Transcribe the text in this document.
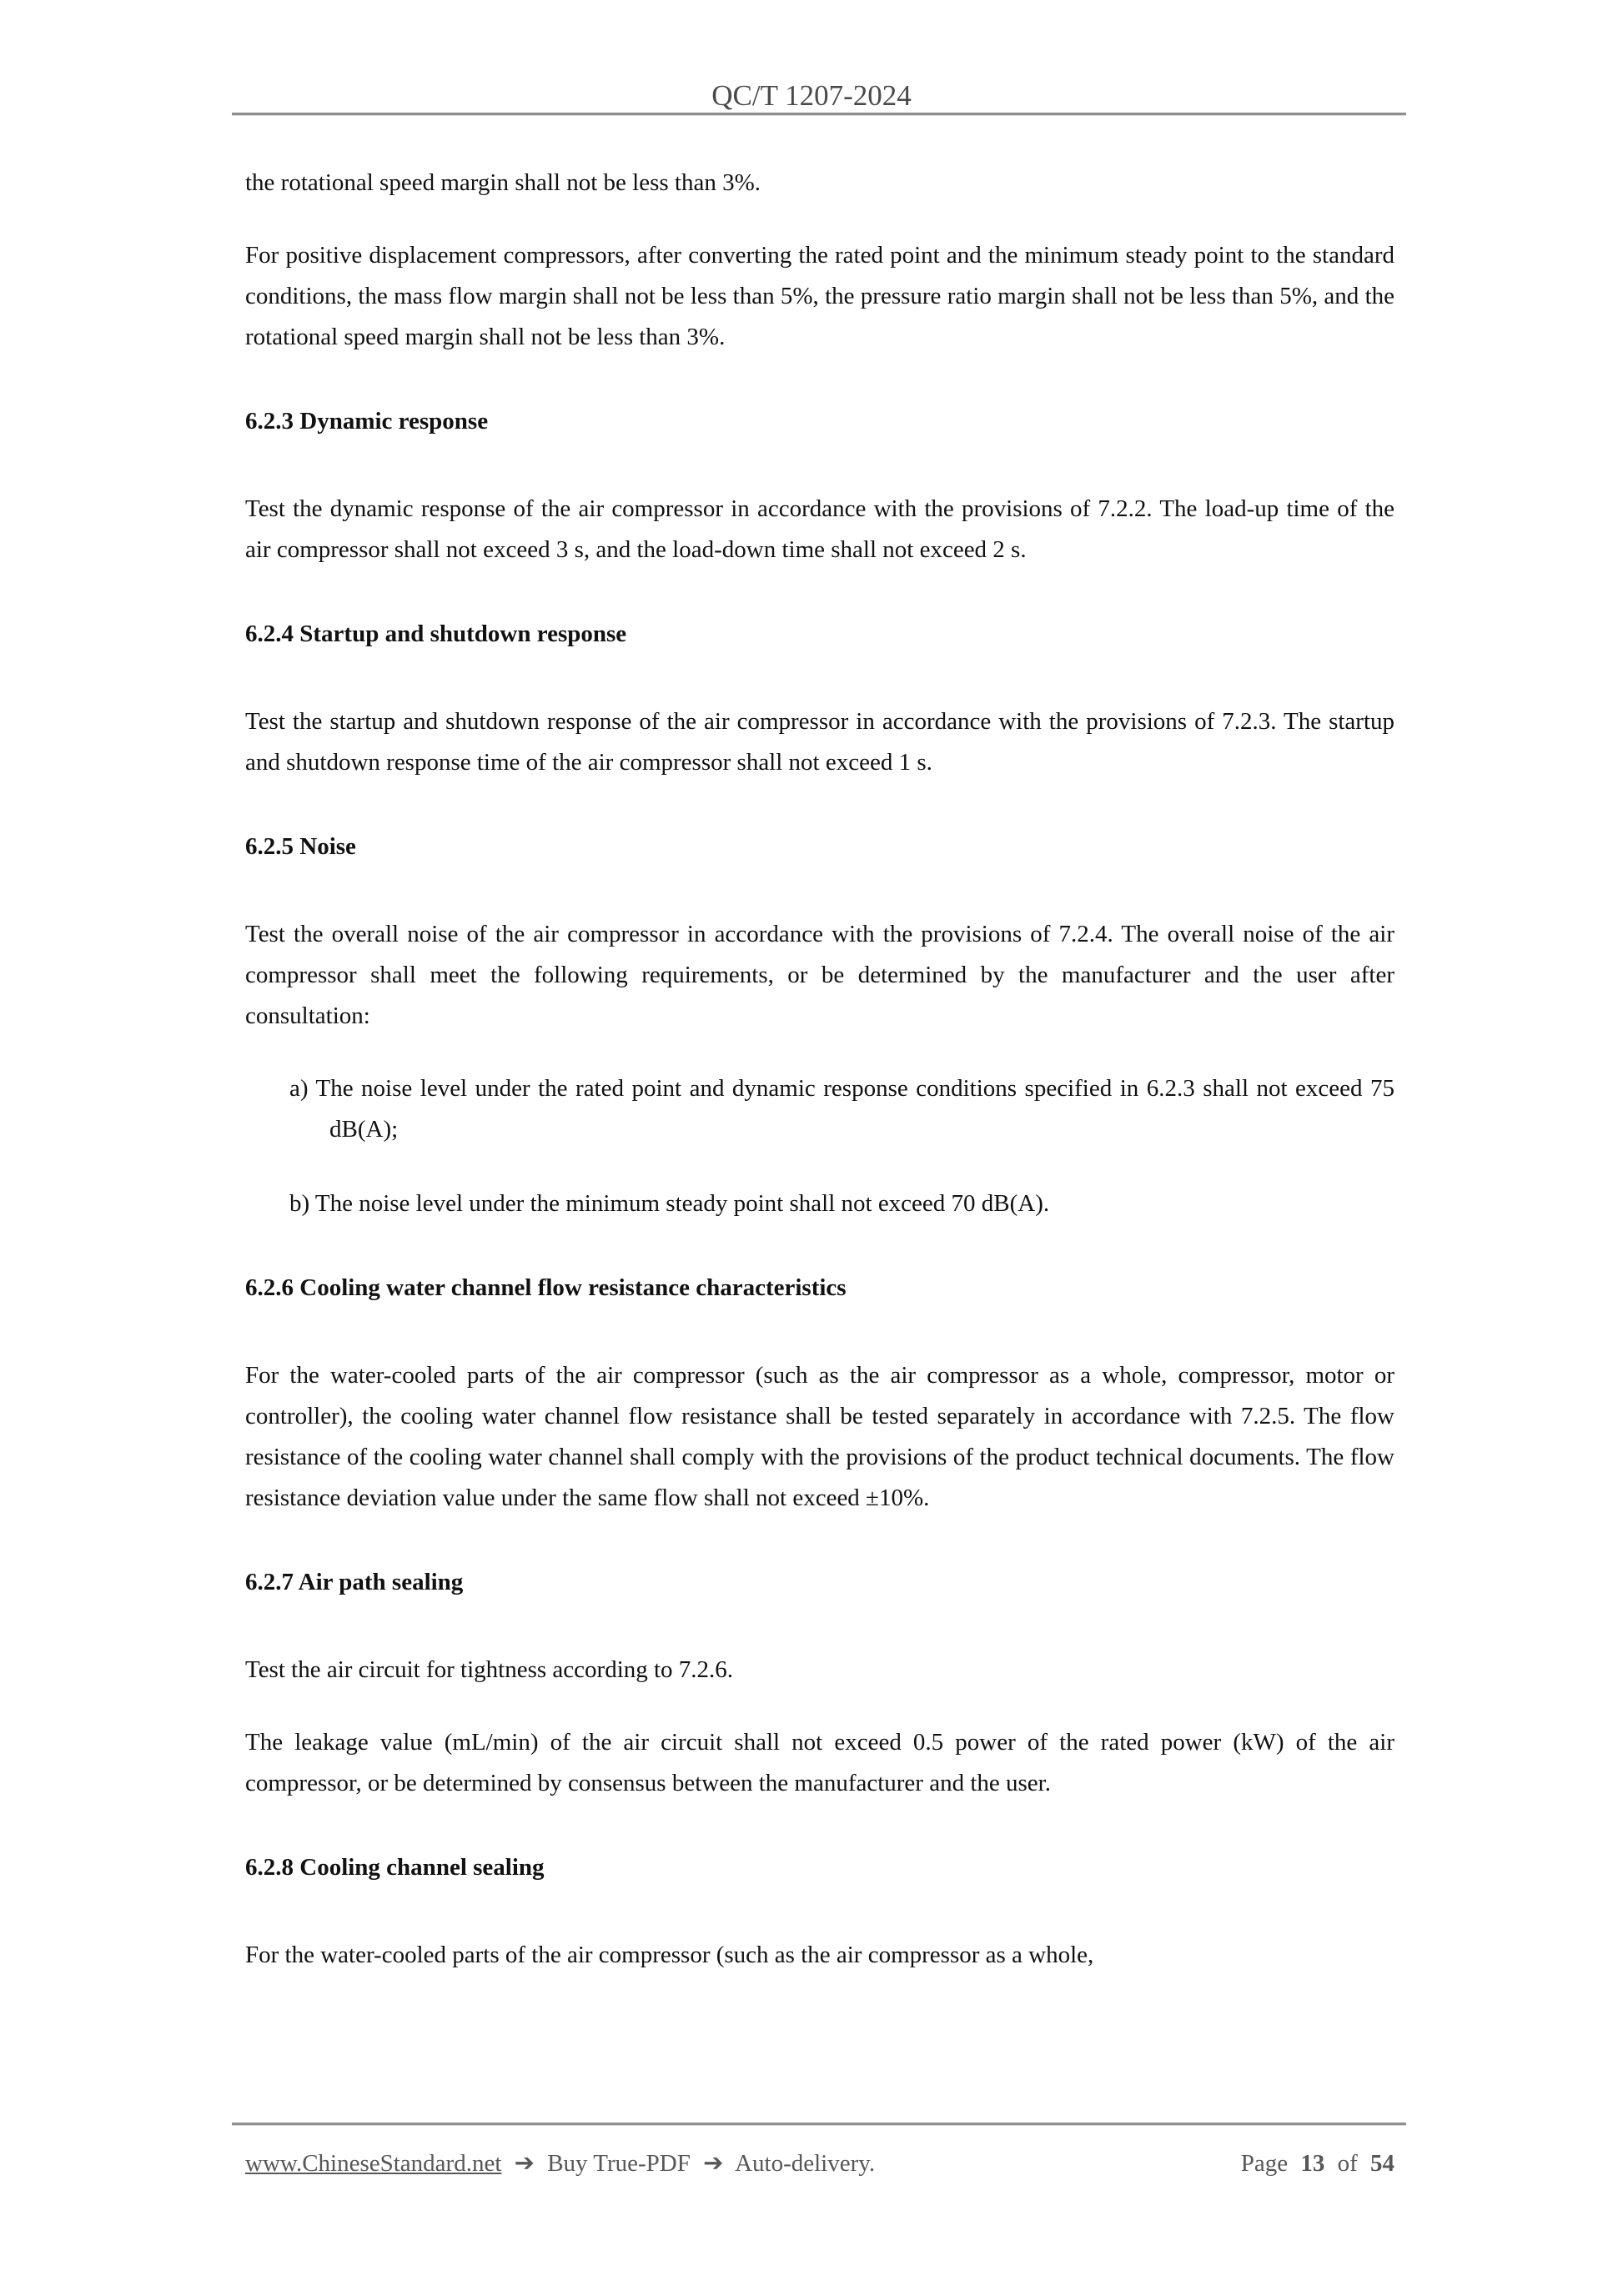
QC/T 1207-2024

the rotational speed margin shall not be less than 3%.

For positive displacement compressors, after converting the rated point and the minimum steady point to the standard conditions, the mass flow margin shall not be less than 5%, the pressure ratio margin shall not be less than 5%, and the rotational speed margin shall not be less than 3%.

6.2.3 Dynamic response

Test the dynamic response of the air compressor in accordance with the provisions of 7.2.2. The load-up time of the air compressor shall not exceed 3 s, and the load-down time shall not exceed 2 s.

6.2.4 Startup and shutdown response

Test the startup and shutdown response of the air compressor in accordance with the provisions of 7.2.3. The startup and shutdown response time of the air compressor shall not exceed 1 s.

6.2.5 Noise

Test the overall noise of the air compressor in accordance with the provisions of 7.2.4. The overall noise of the air compressor shall meet the following requirements, or be determined by the manufacturer and the user after consultation:

a) The noise level under the rated point and dynamic response conditions specified in 6.2.3 shall not exceed 75 dB(A);

b) The noise level under the minimum steady point shall not exceed 70 dB(A).

6.2.6 Cooling water channel flow resistance characteristics

For the water-cooled parts of the air compressor (such as the air compressor as a whole, compressor, motor or controller), the cooling water channel flow resistance shall be tested separately in accordance with 7.2.5. The flow resistance of the cooling water channel shall comply with the provisions of the product technical documents. The flow resistance deviation value under the same flow shall not exceed ±10%.

6.2.7 Air path sealing

Test the air circuit for tightness according to 7.2.6.

The leakage value (mL/min) of the air circuit shall not exceed 0.5 power of the rated power (kW) of the air compressor, or be determined by consensus between the manufacturer and the user.

6.2.8 Cooling channel sealing

For the water-cooled parts of the air compressor (such as the air compressor as a whole,

www.ChineseStandard.net ➔ Buy True-PDF ➔ Auto-delivery.	Page 13 of 54
